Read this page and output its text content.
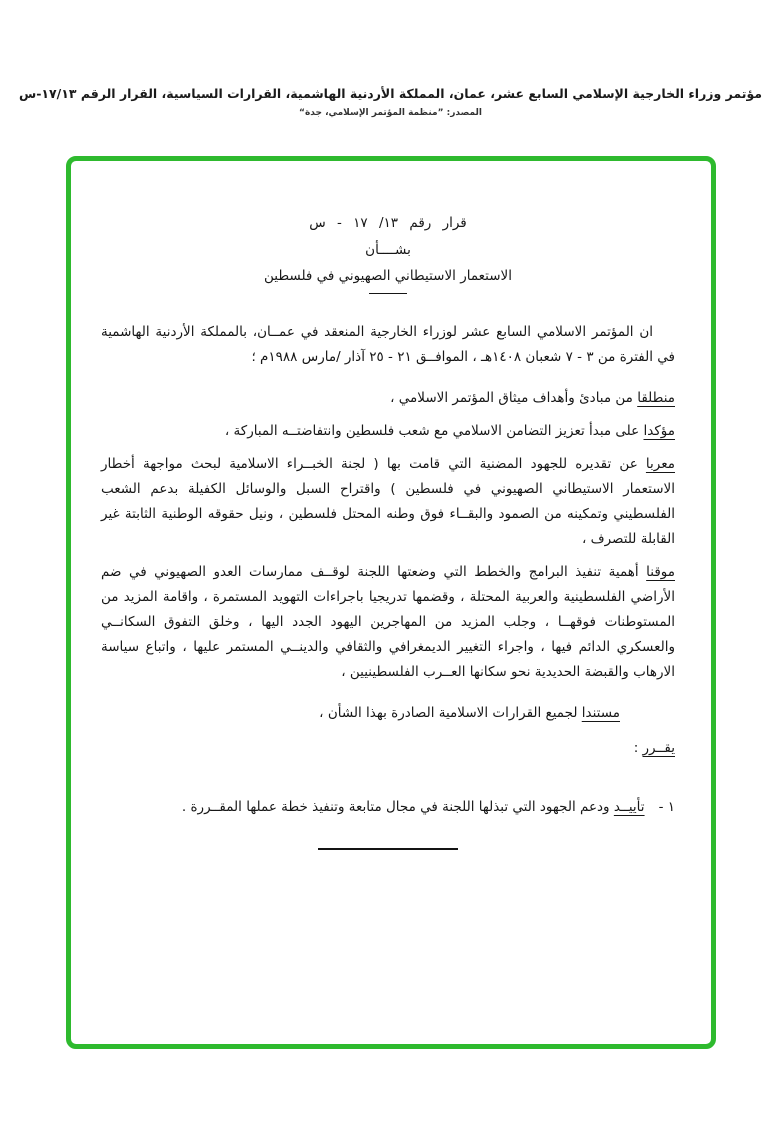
مؤتمر وزراء الخارجية الإسلامي السابع عشر، عمان، المملكة الأردنية الهاشمية، القرارات السياسية، القرار الرقم ١٧/١٣-س
المصدر: ”منظمة المؤتمر الإسلامي، جدة“
قرار رقم ١٣/ ١٧ - س
بشــــأن
الاستعمار الاستيطاني الصهيوني في فلسطين

ان المؤتمر الاسلامي السابع عشر لوزراء الخارجية المنعقد في عمــان، بالمملكة الأردنية الهاشمية في الفترة من ٣ - ٧ شعبان ١٤٠٨هـ ، الموافــق ٢١ - ٢٥ آذار /مارس ١٩٨٨م ؛

منطلقا من مبادئ وأهداف ميثاق المؤتمر الاسلامي ،

مؤكدا على مبدأ تعزيز التضامن الاسلامي مع شعب فلسطين وانتفاضتــه المباركة ،

معربا عن تقديره للجهود المضنية التي قامت بها ( لجنة الخبــراء الاسلامية لبحث مواجهة أخطار الاستعمار الاستيطاني الصهيوني في فلسطين ) واقتراح السبل والوسائل الكفيلة بدعم الشعب الفلسطيني وتمكينه من الصمود والبقــاء فوق وطنه المحتل فلسطين ، ونيل حقوقه الوطنية الثابتة غير القابلة للتصرف ،

موقنا أهمية تنفيذ البرامج والخطط التي وضعتها اللجنة لوقــف ممارسات العدو الصهيوني في ضم الأراضي الفلسطينية والعربية المحتلة ، وقضمها تدريجيا باجراءات التهويد المستمرة ، واقامة المزيد من المستوطنات فوقهــا ، وجلب المزيد من المهاجرين اليهود الجدد اليها ، وخلق التفوق السكانــي والعسكري الدائم فيها ، واجراء التغيير الديمغرافي والثقافي والدينــي المستمر عليها ، واتباع سياسة الارهاب والقبضة الحديدية نحو سكانها العــرب الفلسطينيين ،

مستندا لجميع القرارات الاسلامية الصادرة بهذا الشأن ،

يقــرر :

١ -
تأييــد ودعم الجهود التي تبذلها اللجنة في مجال متابعة وتنفيذ خطة عملها المقــررة .
